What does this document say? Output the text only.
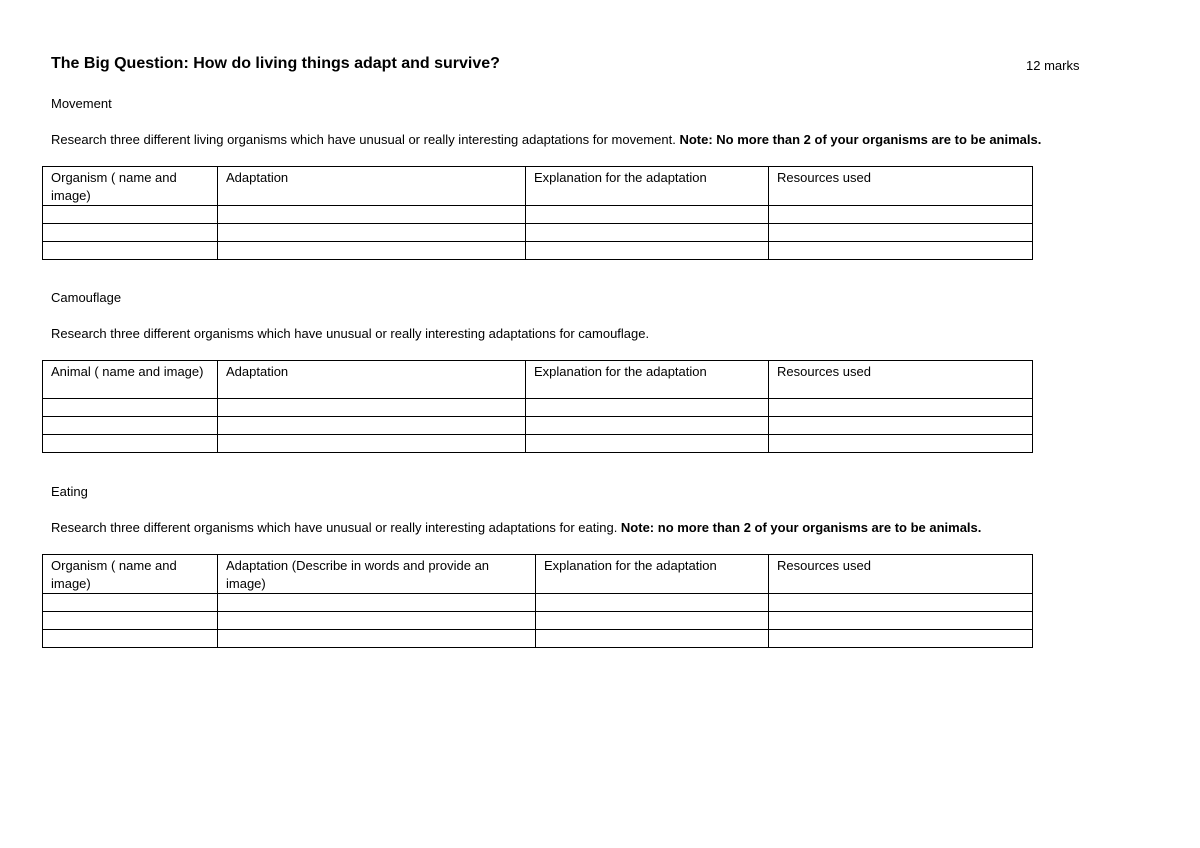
The Big Question: How do living things adapt and survive?	12 marks
Movement
Research three different living organisms which have unusual or really interesting adaptations for movement. Note: No more than 2 of your organisms are to be animals.
Organism ( name and image)	Adaptation	Explanation for the adaptation	Resources used

Camouflage
Research three different organisms which have unusual or really interesting adaptations for camouflage.
Animal ( name and image)	Adaptation	Explanation for the adaptation	Resources used

Eating
Research three different organisms which have unusual or really interesting adaptations for eating. Note: no more than 2 of your organisms are to be animals.
Organism ( name and image)	Adaptation (Describe in words and provide an image)	Explanation for the adaptation	Resources used
